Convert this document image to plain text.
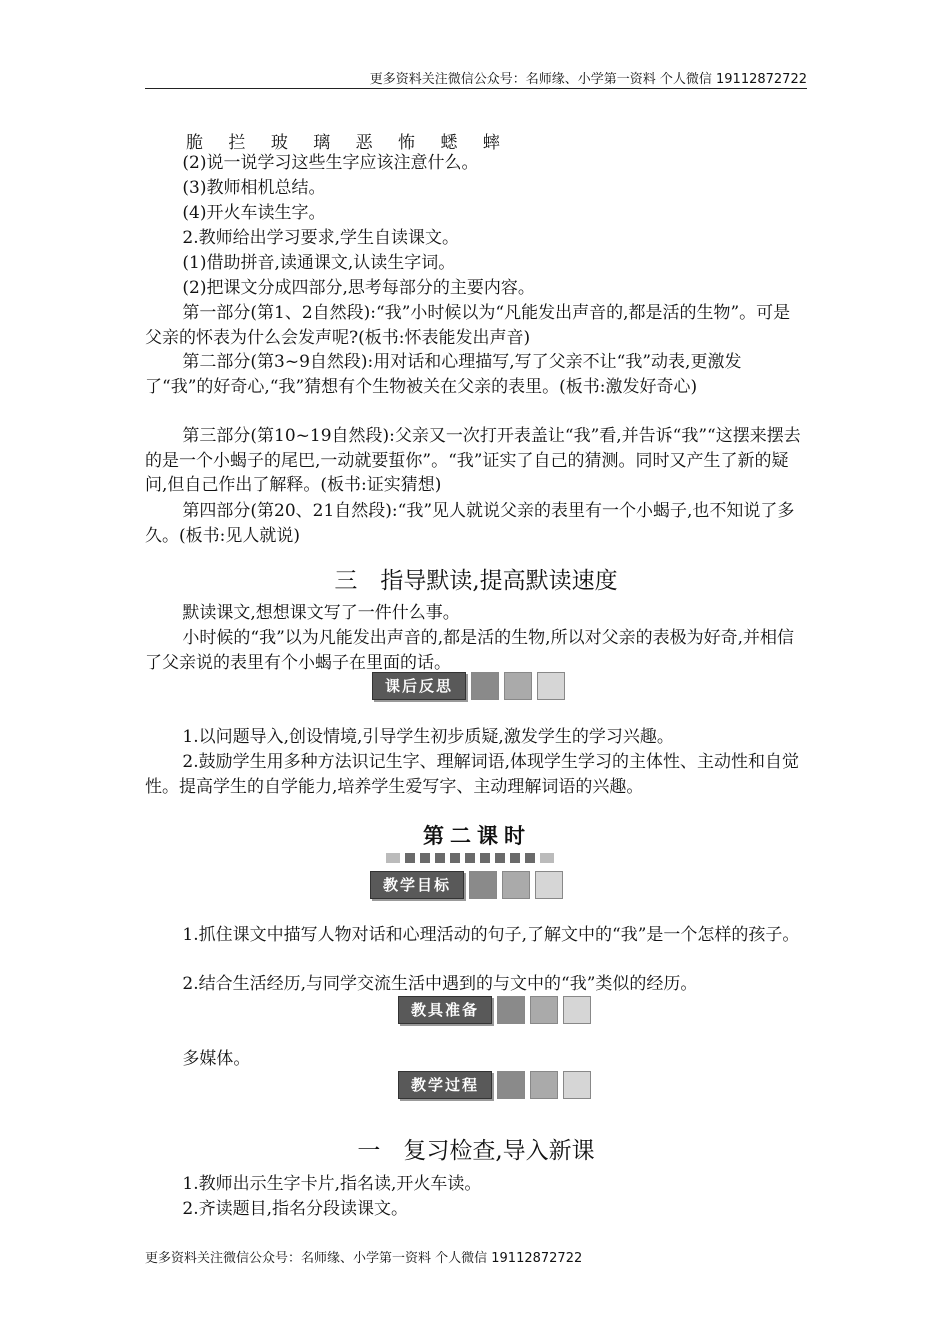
更多资料关注微信公众号：名师缘、小学第一资料 个人微信 19112872722
脆 拦 玻 璃 恶 怖 蟋 蟀
(2)说一说学习这些生字应该注意什么。
(3)教师相机总结。
(4)开火车读生字。
2.教师给出学习要求,学生自读课文。
(1)借助拼音,读通课文,认读生字词。
(2)把课文分成四部分,思考每部分的主要内容。
第一部分(第1、2自然段):“我”小时候以为“凡能发出声音的,都是活的生物”。可是父亲的怀表为什么会发声呢?(板书:怀表能发出声音)
第二部分(第3~9自然段):用对话和心理描写,写了父亲不让“我”动表,更激发了“我”的好奇心,“我”猜想有个生物被关在父亲的表里。(板书:激发好奇心)
第三部分(第10~19自然段):父亲又一次打开表盖让“我”看,并告诉“我”“这摆来摆去的是一个小蝎子的尾巴,一动就要蜇你”。“我”证实了自己的猜测。同时又产生了新的疑问,但自己作出了解释。(板书:证实猜想)
第四部分(第20、21自然段):“我”见人就说父亲的表里有一个小蝎子,也不知说了多久。(板书:见人就说)
三　指导默读,提高默读速度
默读课文,想想课文写了一件什么事。
小时候的“我”以为凡能发出声音的,都是活的生物,所以对父亲的表极为好奇,并相信了父亲说的表里有个小蝎子在里面的话。
课后反思
1.以问题导入,创设情境,引导学生初步质疑,激发学生的学习兴趣。
2.鼓励学生用多种方法识记生字、理解词语,体现学生学习的主体性、主动性和自觉性。提高学生的自学能力,培养学生爱写字、主动理解词语的兴趣。
第二课时
教学目标
1.抓住课文中描写人物对话和心理活动的句子,了解文中的“我”是一个怎样的孩子。
2.结合生活经历,与同学交流生活中遇到的与文中的“我”类似的经历。
教具准备
多媒体。
教学过程
一　复习检查,导入新课
1.教师出示生字卡片,指名读,开火车读。
2.齐读题目,指名分段读课文。
更多资料关注微信公众号：名师缘、小学第一资料 个人微信 19112872722
